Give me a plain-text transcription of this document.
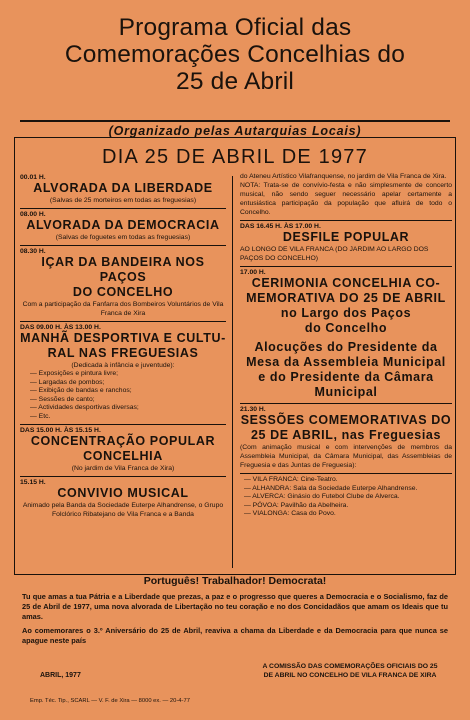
Programa Oficial das
Comemorações Concelhias do
25 de Abril
(Organizado pelas Autarquias Locais)
DIA 25 DE ABRIL DE 1977
00.01 H.
ALVORADA DA LIBERDADE
(Salvas de 25 morteiros em todas as freguesias)
08.00 H.
ALVORADA DA DEMOCRACIA
(Salvas de foguetes em todas as freguesias)
08.30 H.
IÇAR DA BANDEIRA NOS PAÇOS
DO CONCELHO
Com a participação da Fanfarra dos Bombeiros Voluntários de Vila Franca de Xira
DAS 09.00 H. ÀS 13.00 H.
MANHÃ DESPORTIVA E CULTU-
RAL NAS FREGUESIAS
(Dedicada à infância e juventude):
— Exposições e pintura livre;
— Largadas de pombos;
— Exibição de bandas e ranchos;
— Sessões de canto;
— Actividades desportivas diversas;
— Etc.
DAS 15.00 H. ÀS 15.15 H.
CONCENTRAÇÃO POPULAR
CONCELHIA
(No jardim de Vila Franca de Xira)
15.15 H.
CONVIVIO MUSICAL
Animado pela Banda da Sociedade Euterpe Alhandrense, o Grupo Folclórico Ribatejano de Vila Franca e a Banda
do Ateneu Artístico Vilafranquense, no jardim de Vila Franca de Xira.
NOTA: Trata-se de convívio-festa e não simplesmente de concerto musical, não sendo seguer necessário apelar certamente a entusiástica participação da população que afluirá de todo o Concelho.
DAS 16.45 H. ÀS 17.00 H.
DESFILE POPULAR
AO LONGO DE VILA FRANCA (DO JARDIM AO LARGO DOS PAÇOS DO CONCELHO)
17.00 H.
CERIMONIA CONCELHIA CO-
MEMORATIVA DO 25 DE ABRIL
no Largo dos Paços
do Concelho
Alocuções do Presidente da
Mesa da Assembleia Municipal
e do Presidente da Câmara
Municipal
21.30 H.
SESSÕES COMEMORATIVAS DO
25 DE ABRIL, nas Freguesias
(Com animação musical e com intervenções de membros da Assembleia Municipal, da Câmara Municipal, das Assembleias de Freguesia e das Juntas de Freguesia):
— VILA FRANCA: Cine-Teatro.
— ALHANDRA: Sala da Sociedade Euterpe Alhandrense.
— ALVERCA: Ginásio do Futebol Clube de Alverca.
— PÓVOA: Pavilhão da Abelheira.
— VIALONGA: Casa do Povo.
Português! Trabalhador! Democrata!
Tu que amas a tua Pátria e a Liberdade que prezas, a paz e o progresso que queres a Democracia e o Socialismo, faz de 25 de Abril de 1977, uma nova alvorada de Libertação no teu coração e no dos Concidadãos que amam os Ideais que tu amas.
Ao comemorares o 3.º Aniversário do 25 de Abril, reaviva a chama da Liberdade e da Democracia para que nunca se apague neste país
ABRIL, 1977
A COMISSÃO DAS COMEMORAÇÕES OFICIAIS DO 25 DE ABRIL NO CONCELHO DE VILA FRANCA DE XIRA
Emp. Téc. Tip., SCARL — V. F. de Xira — 8000 ex. — 20-4-77
